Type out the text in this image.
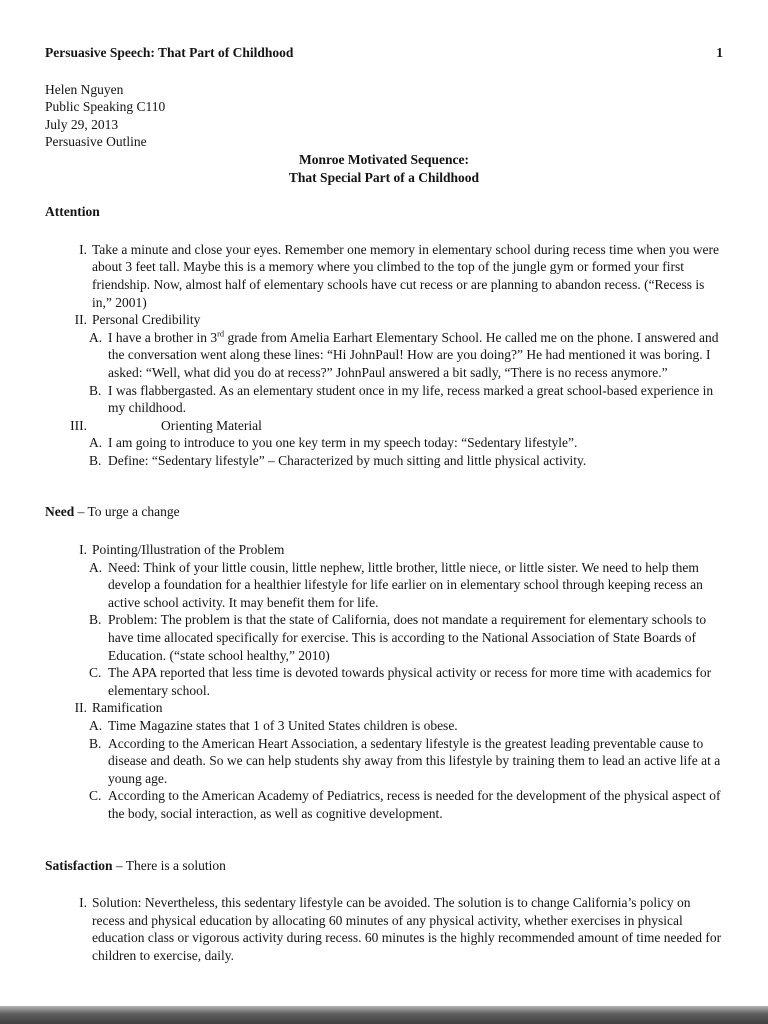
Persuasive Speech: That Part of Childhood	1
Helen Nguyen
Public Speaking C110
July 29, 2013
Persuasive Outline
Monroe Motivated Sequence:
That Special Part of a Childhood
Attention
I. Take a minute and close your eyes. Remember one memory in elementary school during recess time when you were about 3 feet tall. Maybe this is a memory where you climbed to the top of the jungle gym or formed your first friendship. Now, almost half of elementary schools have cut recess or are planning to abandon recess. (“Recess is in,” 2001)
II. Personal Credibility
A. I have a brother in 3rd grade from Amelia Earhart Elementary School. He called me on the phone. I answered and the conversation went along these lines: “Hi JohnPaul! How are you doing?” He had mentioned it was boring. I asked: “Well, what did you do at recess?” JohnPaul answered a bit sadly, “There is no recess anymore.”
B. I was flabbergasted. As an elementary student once in my life, recess marked a great school-based experience in my childhood.
III.	Orienting Material
A. I am going to introduce to you one key term in my speech today: “Sedentary lifestyle”.
B. Define: “Sedentary lifestyle” – Characterized by much sitting and little physical activity.
Need – To urge a change
I. Pointing/Illustration of the Problem
A. Need: Think of your little cousin, little nephew, little brother, little niece, or little sister. We need to help them develop a foundation for a healthier lifestyle for life earlier on in elementary school through keeping recess an active school activity. It may benefit them for life.
B. Problem: The problem is that the state of California, does not mandate a requirement for elementary schools to have time allocated specifically for exercise. This is according to the National Association of State Boards of Education. (“state school healthy,” 2010)
C. The APA reported that less time is devoted towards physical activity or recess for more time with academics for elementary school.
II. Ramification
A. Time Magazine states that 1 of 3 United States children is obese.
B. According to the American Heart Association, a sedentary lifestyle is the greatest leading preventable cause to disease and death. So we can help students shy away from this lifestyle by training them to lead an active life at a young age.
C. According to the American Academy of Pediatrics, recess is needed for the development of the physical aspect of the body, social interaction, as well as cognitive development.
Satisfaction – There is a solution
I. Solution: Nevertheless, this sedentary lifestyle can be avoided. The solution is to change California’s policy on recess and physical education by allocating 60 minutes of any physical activity, whether exercises in physical education class or vigorous activity during recess. 60 minutes is the highly recommended amount of time needed for children to exercise, daily.
